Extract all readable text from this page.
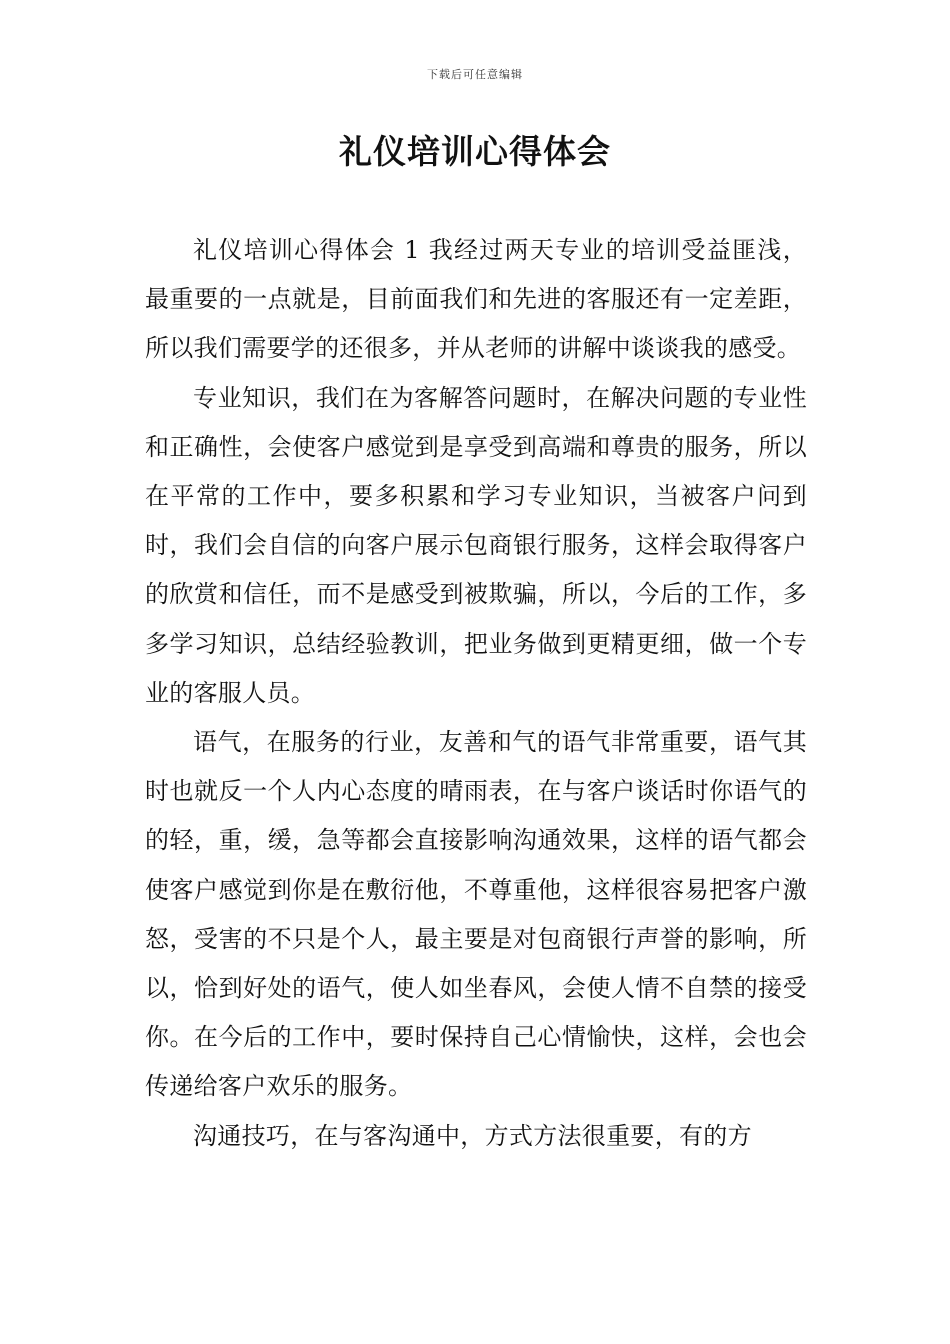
下载后可任意编辑
礼仪培训心得体会

礼仪培训心得体会 1 我经过两天专业的培训受益匪浅，最重要的一点就是，目前面我们和先进的客服还有一定差距，所以我们需要学的还很多，并从老师的讲解中谈谈我的感受。

专业知识，我们在为客解答问题时，在解决问题的专业性和正确性，会使客户感觉到是享受到高端和尊贵的服务，所以在平常的工作中，要多积累和学习专业知识，当被客户问到时，我们会自信的向客户展示包商银行服务，这样会取得客户的欣赏和信任，而不是感受到被欺骗，所以，今后的工作，多多学习知识，总结经验教训，把业务做到更精更细，做一个专业的客服人员。

语气，在服务的行业，友善和气的语气非常重要，语气其时也就反一个人内心态度的晴雨表，在与客户谈话时你语气的的轻，重，缓，急等都会直接影响沟通效果，这样的语气都会使客户感觉到你是在敷衍他，不尊重他，这样很容易把客户激怒，受害的不只是个人，最主要是对包商银行声誉的影响，所以，恰到好处的语气，使人如坐春风，会使人情不自禁的接受你。在今后的工作中，要时保持自己心情愉快，这样，会也会传递给客户欢乐的服务。

沟通技巧，在与客沟通中，方式方法很重要，有的方
